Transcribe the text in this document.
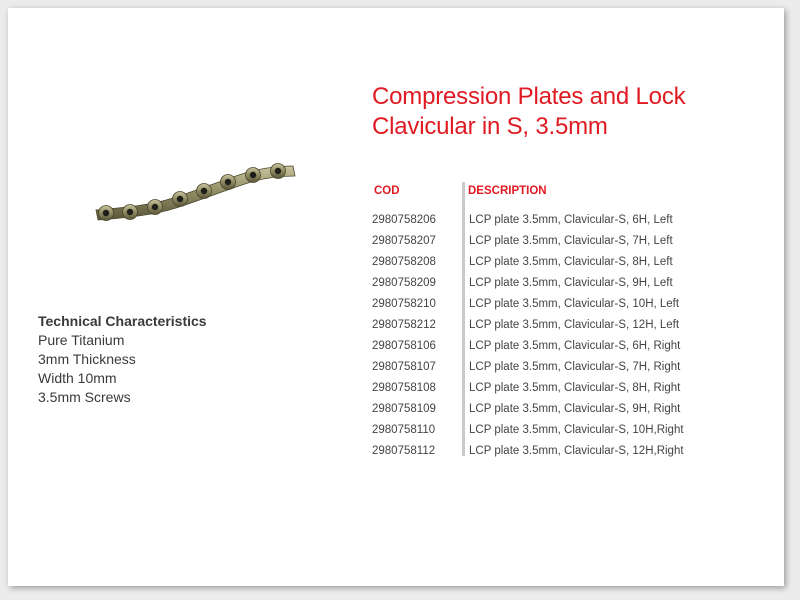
Technical Characteristics
Pure Titanium
3mm Thickness
Width 10mm
3.5mm Screws
Compression Plates and Lock
Clavicular in S, 3.5mm
COD	DESCRIPTION
2980758206	LCP plate 3.5mm, Clavicular-S, 6H, Left
2980758207	LCP plate 3.5mm, Clavicular-S, 7H, Left
2980758208	LCP plate 3.5mm, Clavicular-S, 8H, Left
2980758209	LCP plate 3.5mm, Clavicular-S, 9H, Left
2980758210	LCP plate 3.5mm, Clavicular-S, 10H, Left
2980758212	LCP plate 3.5mm, Clavicular-S, 12H, Left
2980758106	LCP plate 3.5mm, Clavicular-S, 6H, Right
2980758107	LCP plate 3.5mm, Clavicular-S, 7H, Right
2980758108	LCP plate 3.5mm, Clavicular-S, 8H, Right
2980758109	LCP plate 3.5mm, Clavicular-S, 9H, Right
2980758110	LCP plate 3.5mm, Clavicular-S, 10H,Right
2980758112	LCP plate 3.5mm, Clavicular-S, 12H,Right
